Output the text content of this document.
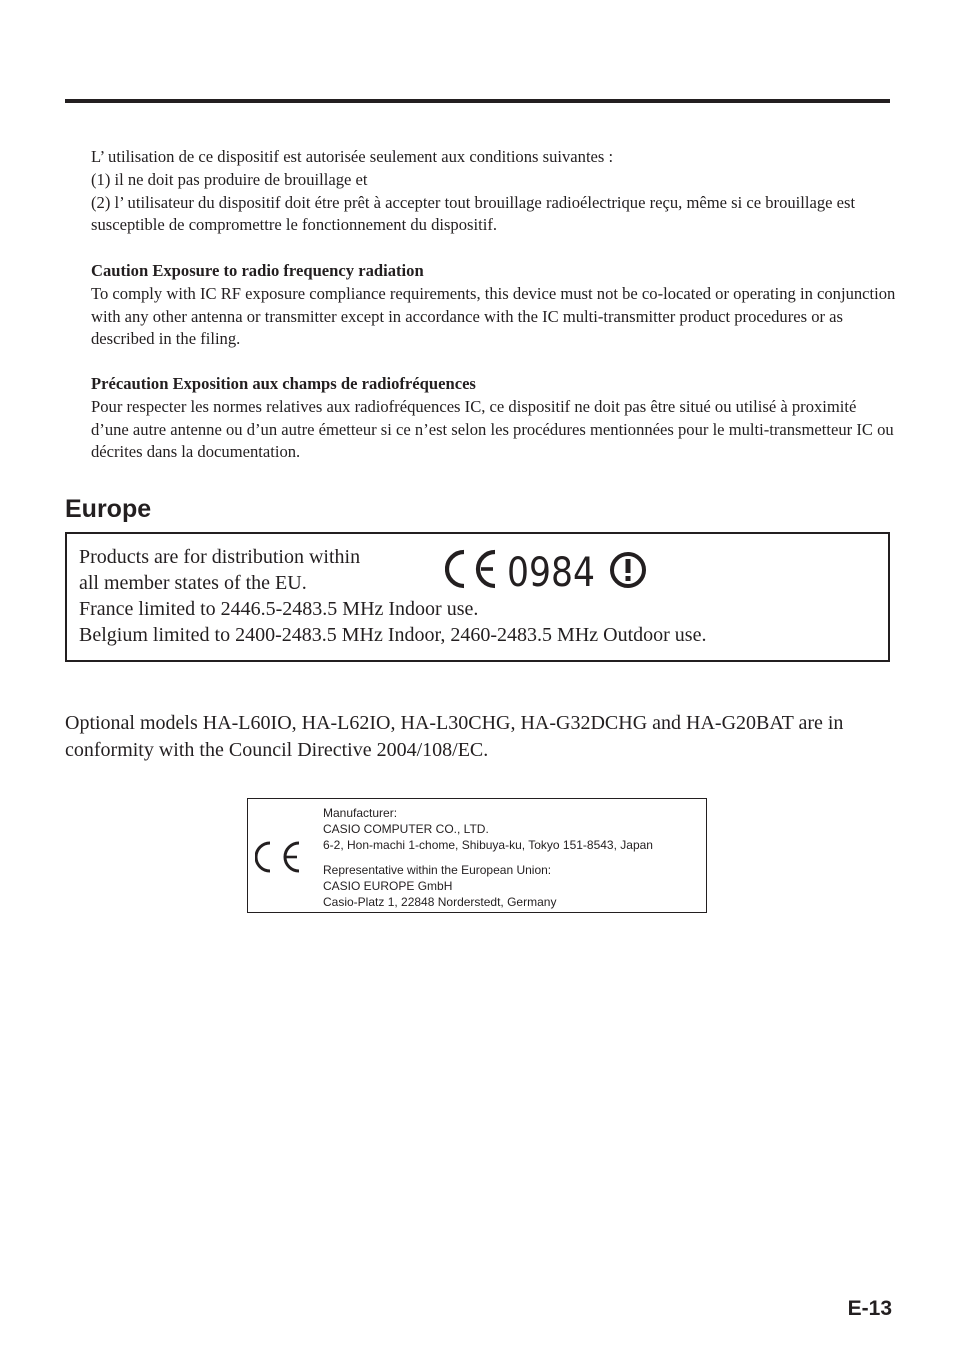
L’ utilisation de ce dispositif est autorisée seulement aux conditions suivantes :

(1) il ne doit pas produire de brouillage et

(2) l’ utilisateur du dispositif doit étre prêt à accepter tout brouillage radioélectrique reçu, même si ce brouillage est susceptible de compromettre le fonctionnement du dispositif.

Caution Exposure to radio frequency radiation

To comply with IC RF exposure compliance requirements, this device must not be co-located or operating in conjunction with any other antenna or transmitter except in accordance with the IC multi-transmitter product procedures or as described in the filing.

Précaution Exposition aux champs de radiofréquences

Pour respecter les normes relatives aux radiofréquences IC, ce dispositif ne doit pas être situé ou utilisé à proximité d’une autre antenne ou d’un autre émetteur si ce n’est selon les procédures mentionnées pour le multi-transmetteur IC ou décrites dans la documentation.

Europe

Products are for distribution within

all member states of the EU.

France limited to 2446.5-2483.5 MHz Indoor use.

Belgium limited to 2400-2483.5 MHz Indoor, 2460-2483.5 MHz Outdoor use.

0984

Optional models HA-L60IO, HA-L62IO, HA-L30CHG, HA-G32DCHG and HA-G20BAT are in conformity with the Council Directive 2004/108/EC.

Manufacturer:

CASIO COMPUTER CO., LTD.

6-2, Hon-machi 1-chome, Shibuya-ku, Tokyo 151-8543, Japan

Representative within the European Union:

CASIO EUROPE GmbH

Casio-Platz 1, 22848 Norderstedt, Germany

E-13
